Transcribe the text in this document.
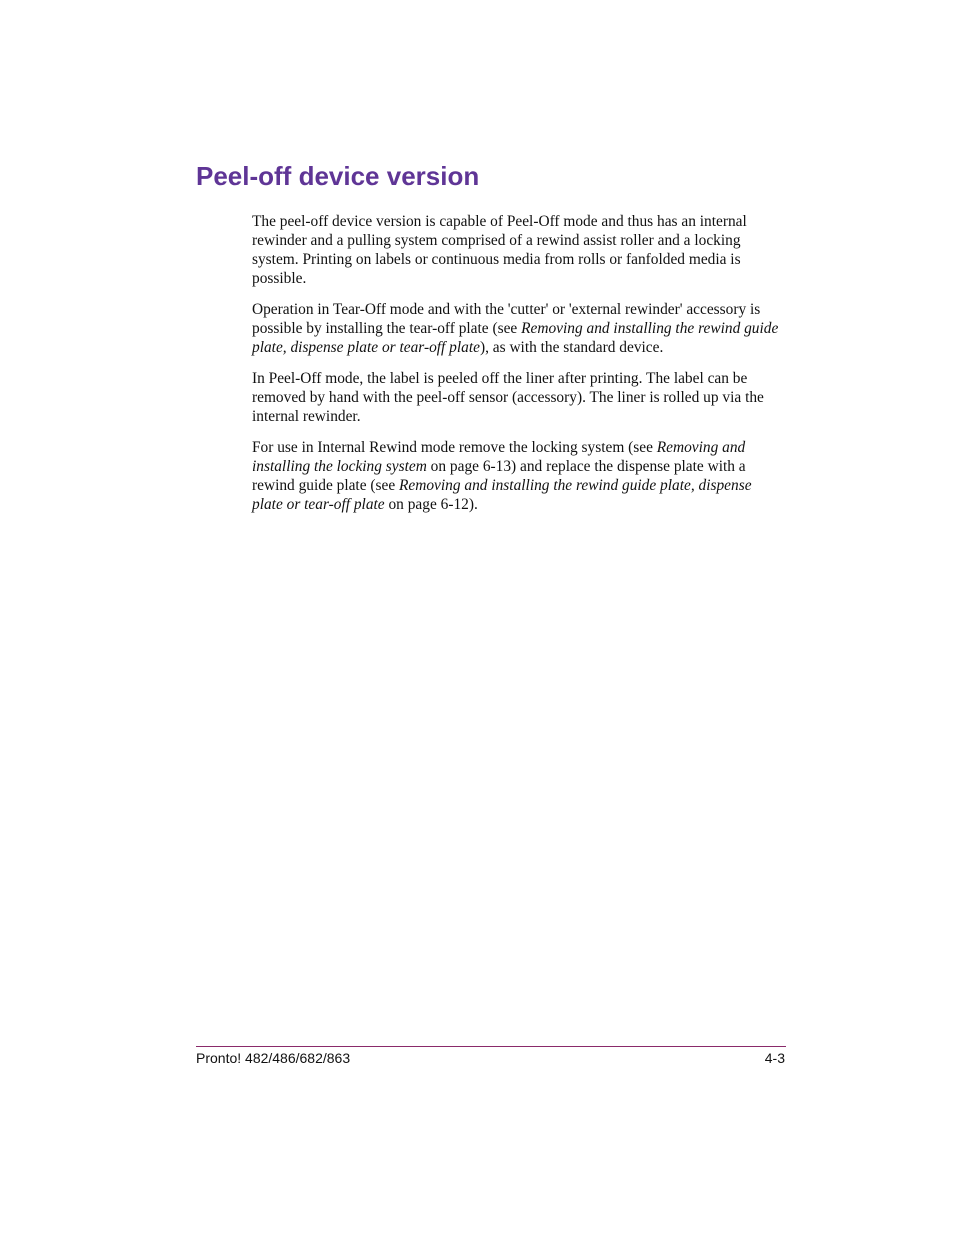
Peel-off device version

The peel-off device version is capable of Peel-Off mode and thus has an internal rewinder and a pulling system comprised of a rewind assist roller and a locking system. Printing on labels or continuous media from rolls or fanfolded media is possible.

Operation in Tear-Off mode and with the 'cutter' or 'external rewinder' accessory is possible by installing the tear-off plate (see Removing and installing the rewind guide plate, dispense plate or tear-off plate), as with the standard device.

In Peel-Off mode, the label is peeled off the liner after printing. The label can be removed by hand with the peel-off sensor (accessory). The liner is rolled up via the internal rewinder.

For use in Internal Rewind mode remove the locking system (see Removing and installing the locking system on page 6-13) and replace the dispense plate with a rewind guide plate (see Removing and installing the rewind guide plate, dispense plate or tear-off plate on page 6-12).

Pronto! 482/486/682/863	4-3
